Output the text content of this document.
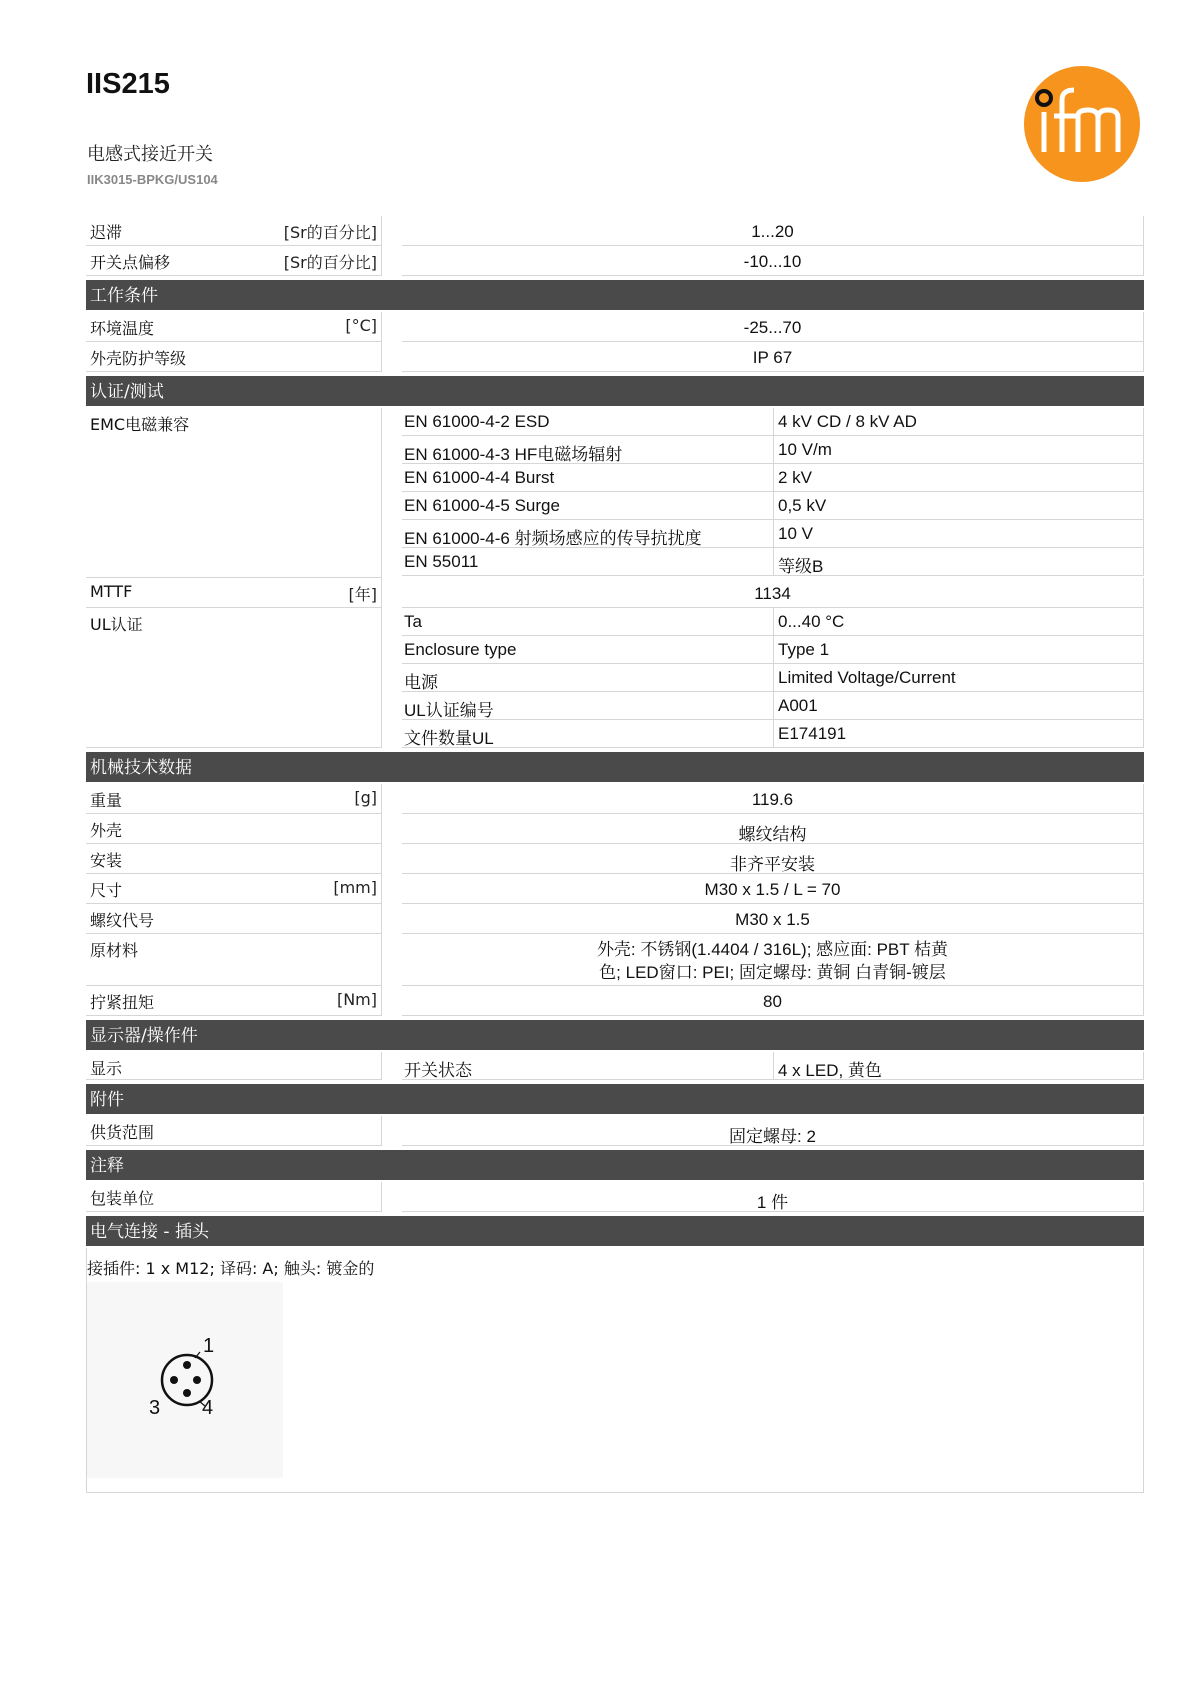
IIS215
电感式接近开关
IIK3015-BPKG/US104
迟滞	[Sr的百分比]	1...20
开关点偏移	[Sr的百分比]	-10...10
工作条件
环境温度	[°C]	-25...70
外壳防护等级	IP 67
认证/测试
EMC电磁兼容	EN 61000-4-2 ESD	4 kV CD / 8 kV AD
EN 61000-4-3 HF电磁场辐射	10 V/m
EN 61000-4-4 Burst	2 kV
EN 61000-4-5 Surge	0,5 kV
EN 61000-4-6 射频场感应的传导抗扰度	10 V
EN 55011	等级B
MTTF	[年]	1134
UL认证	Ta	0...40 °C
Enclosure type	Type 1
电源	Limited Voltage/Current
UL认证编号	A001
文件数量UL	E174191
机械技术数据
重量	[g]	119.6
外壳	螺纹结构
安装	非齐平安装
尺寸	[mm]	M30 x 1.5 / L = 70
螺纹代号	M30 x 1.5
原材料	外壳: 不锈钢(1.4404 / 316L); 感应面: PBT 桔黄
色; LED窗口: PEI; 固定螺母: 黄铜 白青铜-镀层
拧紧扭矩	[Nm]	80
显示器/操作件
显示	开关状态	4 x LED, 黄色
附件
供货范围	固定螺母: 2
注释
包装单位	1 件
电气连接 - 插头
接插件: 1 x M12; 译码: A; 触头: 镀金的
1
3 4
